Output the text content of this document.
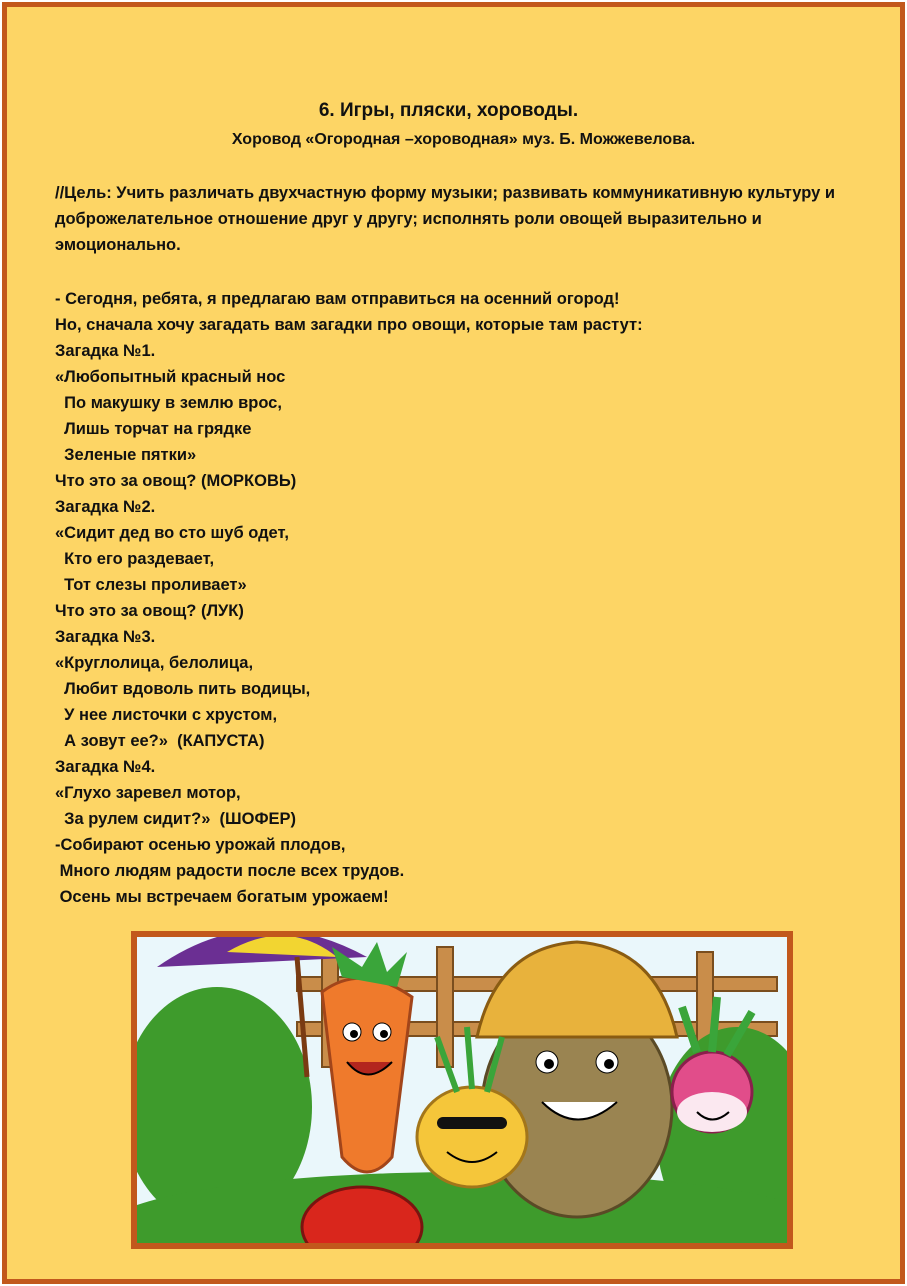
6. Игры, пляски, хороводы.
Хоровод «Огородная –хороводная» муз. Б. Можжевелова.
//Цель: Учить различать двухчастную форму музыки; развивать коммуникативную культуру и доброжелательное отношение друг у другу; исполнять роли овощей выразительно и эмоционально.
- Сегодня, ребята, я предлагаю вам отправиться на осенний огород!
Но, сначала хочу загадать вам загадки про овощи, которые там растут:
Загадка №1.
«Любопытный красный нос
По макушку в землю врос,
Лишь торчат на грядке
Зеленые пятки»
Что это за овощ? (МОРКОВЬ)
Загадка №2.
«Сидит дед во сто шуб одет,
Кто его раздевает,
Тот слезы проливает»
Что это за овощ? (ЛУК)
Загадка №3.
«Круглолица, белолица,
Любит вдоволь пить водицы,
У нее листочки с хрустом,
А зовут ее?»  (КАПУСТА)
Загадка №4.
«Глухо заревел мотор,
За рулем сидит?»  (ШОФЕР)
-Собирают осенью урожай плодов,
Много людям радости после всех трудов.
Осень мы встречаем богатым урожаем!
